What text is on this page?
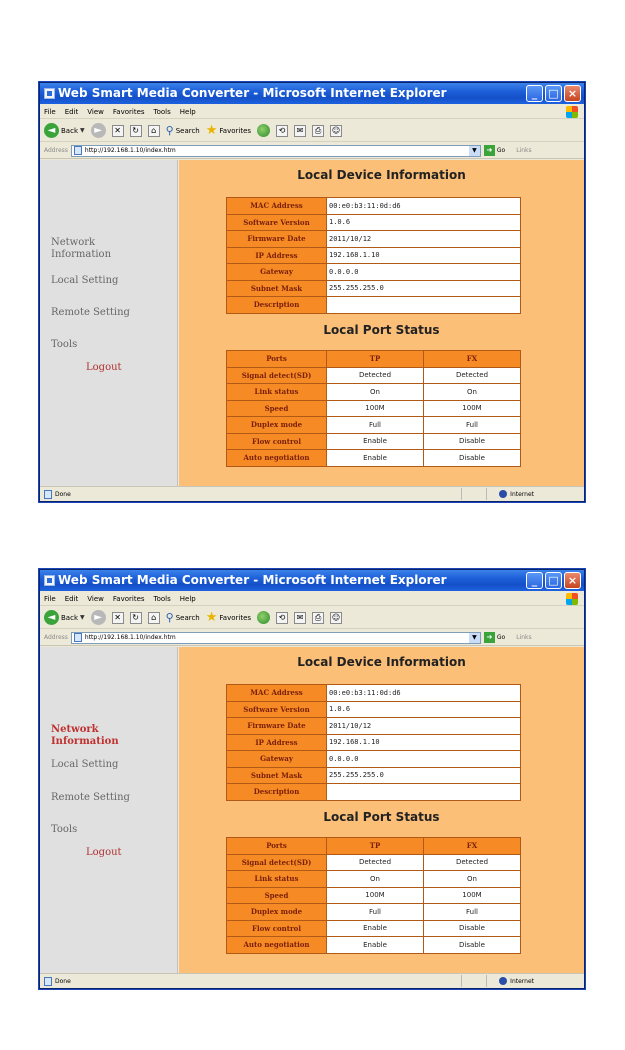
Web Smart Media Converter - Microsoft Internet Explorer	_	□ ×
File Edit View Favorites Tools Help
◄ Back ▼ ►	✕	↻	⌂ ⚲ Search ★ Favorites	⟲	✉	⎙	☺
Address	http://192.168.1.10/index.htm	▼	➜ Go Links
Network
Information
Local Setting
Remote Setting
Tools
Logout
Local Device Information
MAC Address	00:e0:b3:11:0d:d6
Software Version	1.0.6
Firmware Date	2011/10/12
IP Address	192.168.1.10
Gateway	0.0.0.0
Subnet Mask	255.255.255.0
Description	
Local Port Status
Ports	TP	FX
Signal detect(SD)	Detected	Detected
Link status	On	On
Speed	100M	100M
Duplex mode	Full	Full
Flow control	Enable	Disable
Auto negotiation	Enable	Disable
Done	Internet
Web Smart Media Converter - Microsoft Internet Explorer	_	□ ×
File Edit View Favorites Tools Help
◄ Back ▼ ►	✕	↻	⌂ ⚲ Search ★ Favorites	⟲	✉	⎙	☺
Address	http://192.168.1.10/index.htm	▼	➜ Go Links
Network
Information
Local Setting
Remote Setting
Tools
Logout
Local Device Information
MAC Address	00:e0:b3:11:0d:d6
Software Version	1.0.6
Firmware Date	2011/10/12
IP Address	192.168.1.10
Gateway	0.0.0.0
Subnet Mask	255.255.255.0
Description	
Local Port Status
Ports	TP	FX
Signal detect(SD)	Detected	Detected
Link status	On	On
Speed	100M	100M
Duplex mode	Full	Full
Flow control	Enable	Disable
Auto negotiation	Enable	Disable
Done	Internet
